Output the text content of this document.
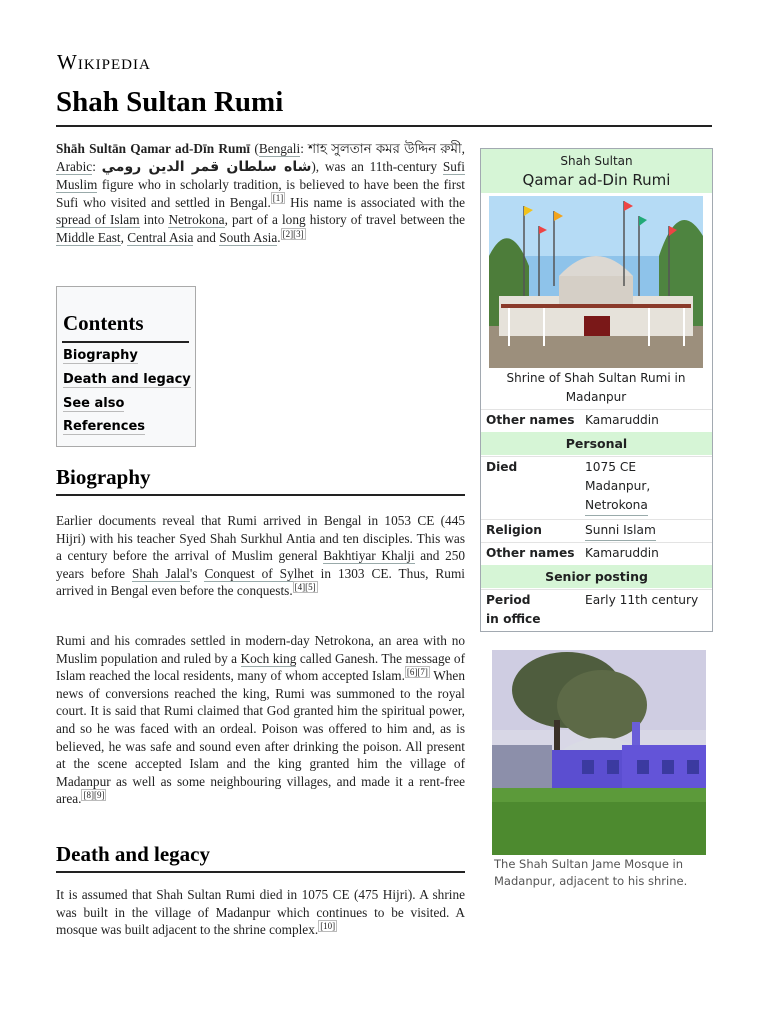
Wikipedia
Shah Sultan Rumi

Shāh Sultān Qamar ad-Dīn Rumī (Bengali: শাহ সুলতান কমর উদ্দিন রুমী, Arabic: شاه سلطان قمر الدين رومي), was an 11th-century Sufi Muslim figure who in scholarly tradition, is believed to have been the first Sufi who visited and settled in Bengal. [1] His name is associated with the spread of Islam into Netrokona, part of a long history of travel between the Middle East, Central Asia and South Asia. [2][3]

Contents
Biography
Death and legacy
See also
References
Biography

Earlier documents reveal that Rumi arrived in Bengal in 1053 CE (445 Hijri) with his teacher Syed Shah Surkhul Antia and ten disciples. This was a century before the arrival of Muslim general Bakhtiyar Khalji and 250 years before Shah Jalal's Conquest of Sylhet in 1303 CE. Thus, Rumi arrived in Bengal even before the conquests. [4][5]

Rumi and his comrades settled in modern-day Netrokona, an area with no Muslim population and ruled by a Koch king called Ganesh. The message of Islam reached the local residents, many of whom accepted Islam. [6][7] When news of conversions reached the king, Rumi was summoned to the royal court. It is said that Rumi claimed that God granted him the spiritual power, and so he was faced with an ordeal. Poison was offered to him and, as is believed, he was safe and sound even after drinking the poison. All present at the scene accepted Islam and the king granted him the village of Madanpur as well as some neighbouring villages, and made it a rent-free area. [8][9]

Death and legacy

It is assumed that Shah Sultan Rumi died in 1075 CE (475 Hijri). A shrine was built in the village of Madanpur which continues to be visited. A mosque was built adjacent to the shrine complex. [10]

Shah Sultan
Qamar ad-Din Rumi
Shrine of Shah Sultan Rumi in Madanpur
Other names Kamaruddin
Personal
Died	1075 CE
Madanpur,
Netrokona
Religion	Sunni Islam
Other names Kamaruddin
Senior posting
Period
in office
Early 11th century
The Shah Sultan Jame Mosque in Madanpur, adjacent to his shrine.
